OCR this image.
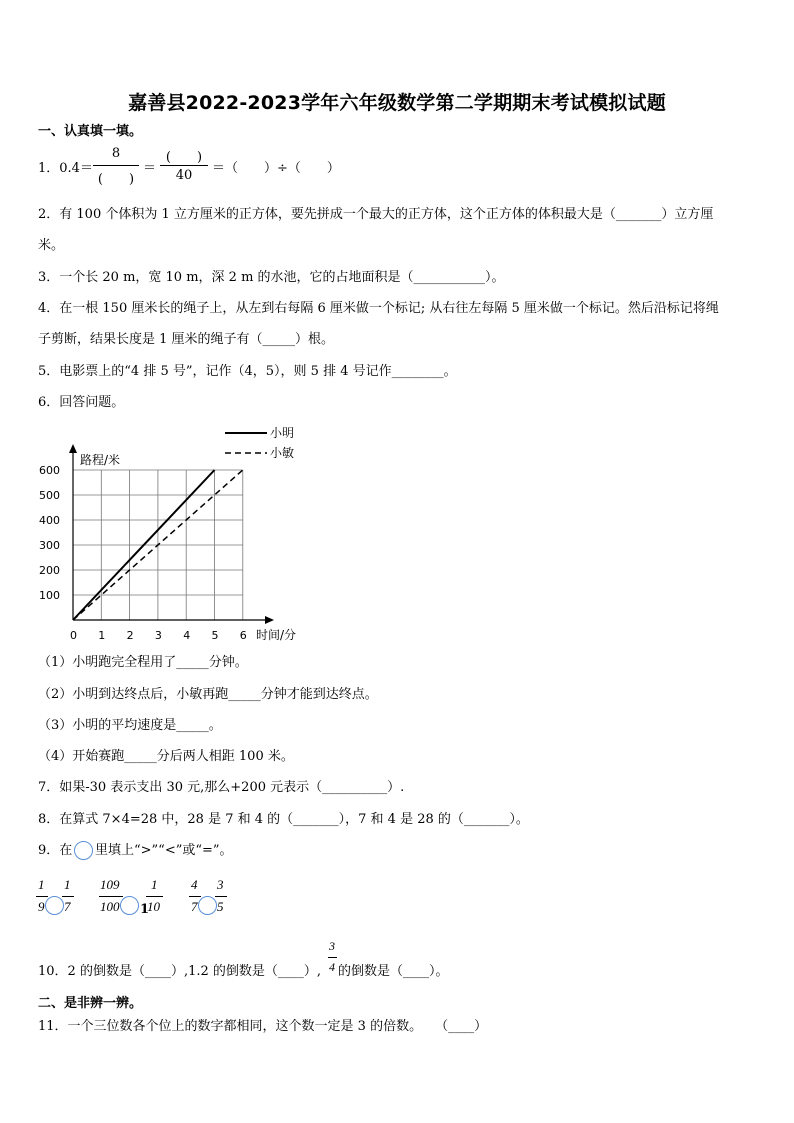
嘉善县2022-2023学年六年级数学第二学期期末考试模拟试题
一、认真填一填。
1．0.4＝
8
(　　)
＝
(　　)
40	＝（　　）÷（　　）
2．有 100 个体积为 1 立方厘米的正方体，要先拼成一个最大的正方体，这个正方体的体积最大是（_______）立方厘
米。
3．一个长 20 m，宽 10 m，深 2 m 的水池，它的占地面积是（___________）。
4．在一根 150 厘米长的绳子上，从左到右每隔 6 厘米做一个标记; 从右往左每隔 5 厘米做一个标记。然后沿标记将绳
子剪断，结果长度是 1 厘米的绳子有（_____）根。
5．电影票上的“4 排 5 号”，记作（4，5），则 5 排 4 号记作________。
6．回答问题。
0 1 2 3 4 5 6
100
200
300
400
500
600
路程/米
时间/分
小明
小敏
（1）小明跑完全程用了_____分钟。
（2）小明到达终点后，小敏再跑_____分钟才能到达终点。
（3）小明的平均速度是_____。
（4）开始赛跑_____分后两人相距 100 米。
7．如果-30 表示支出 30 元,那么+200 元表示（__________）.
8．在算式 7×4=28 中，28 是 7 和 4 的（_______），7 和 4 是 28 的（_______）。
9．在 里填上“>”“<”或“=”。
1
9
1
7
109
100 1
1
10
4
7
3
5
10．2 的倒数是（____）,1.2 的倒数是（____）,
3
4 的倒数是（____）。
二、是非辨一辨。
11．一个三位数各个位上的数字都相同，这个数一定是 3 的倍数。　　（____）
